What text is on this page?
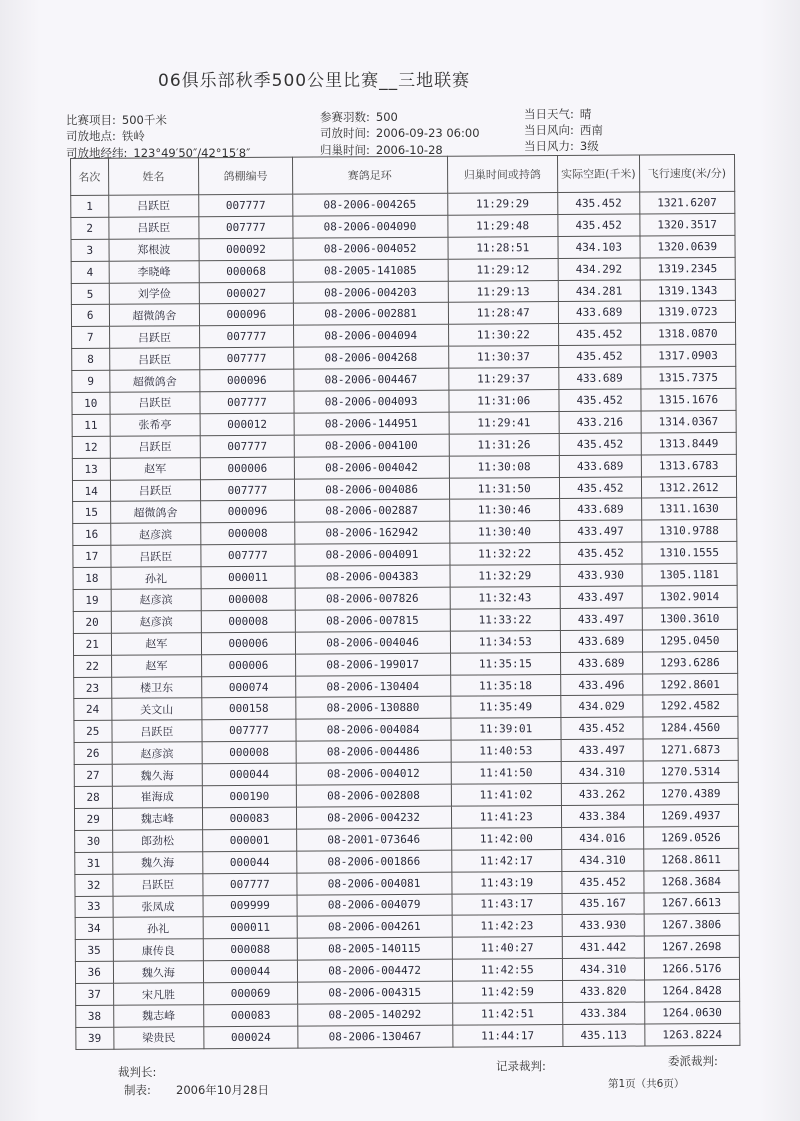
06俱乐部秋季500公里比赛__三地联赛
比赛项目: 500千米
司放地点: 铁岭
司放地经纬: 123°49′50″/42°15′8″
参赛羽数: 500
司放时间: 2006-09-23 06:00
归巢时间: 2006-10-28
当日天气: 晴
当日风向: 西南
当日风力: 3级
名次	姓名	鸽棚编号	赛鸽足环	归巢时间或持鸽	实际空距(千米)	飞行速度(米/分)
1	吕跃臣	007777	08-2006-004265	11:29:29	435.452	1321.6207
2	吕跃臣	007777	08-2006-004090	11:29:48	435.452	1320.3517
3	郑根波	000092	08-2006-004052	11:28:51	434.103	1320.0639
4	李晓峰	000068	08-2005-141085	11:29:12	434.292	1319.2345
5	刘学俭	000027	08-2006-004203	11:29:13	434.281	1319.1343
6	超微鸽舍	000096	08-2006-002881	11:28:47	433.689	1319.0723
7	吕跃臣	007777	08-2006-004094	11:30:22	435.452	1318.0870
8	吕跃臣	007777	08-2006-004268	11:30:37	435.452	1317.0903
9	超微鸽舍	000096	08-2006-004467	11:29:37	433.689	1315.7375
10	吕跃臣	007777	08-2006-004093	11:31:06	435.452	1315.1676
11	张希亭	000012	08-2006-144951	11:29:41	433.216	1314.0367
12	吕跃臣	007777	08-2006-004100	11:31:26	435.452	1313.8449
13	赵军	000006	08-2006-004042	11:30:08	433.689	1313.6783
14	吕跃臣	007777	08-2006-004086	11:31:50	435.452	1312.2612
15	超微鸽舍	000096	08-2006-002887	11:30:46	433.689	1311.1630
16	赵彦滨	000008	08-2006-162942	11:30:40	433.497	1310.9788
17	吕跃臣	007777	08-2006-004091	11:32:22	435.452	1310.1555
18	孙礼	000011	08-2006-004383	11:32:29	433.930	1305.1181
19	赵彦滨	000008	08-2006-007826	11:32:43	433.497	1302.9014
20	赵彦滨	000008	08-2006-007815	11:33:22	433.497	1300.3610
21	赵军	000006	08-2006-004046	11:34:53	433.689	1295.0450
22	赵军	000006	08-2006-199017	11:35:15	433.689	1293.6286
23	楼卫东	000074	08-2006-130404	11:35:18	433.496	1292.8601
24	关文山	000158	08-2006-130880	11:35:49	434.029	1292.4582
25	吕跃臣	007777	08-2006-004084	11:39:01	435.452	1284.4560
26	赵彦滨	000008	08-2006-004486	11:40:53	433.497	1271.6873
27	魏久海	000044	08-2006-004012	11:41:50	434.310	1270.5314
28	崔海成	000190	08-2006-002808	11:41:02	433.262	1270.4389
29	魏志峰	000083	08-2006-004232	11:41:23	433.384	1269.4937
30	郎劲松	000001	08-2001-073646	11:42:00	434.016	1269.0526
31	魏久海	000044	08-2006-001866	11:42:17	434.310	1268.8611
32	吕跃臣	007777	08-2006-004081	11:43:19	435.452	1268.3684
33	张凤成	009999	08-2006-004079	11:43:17	435.167	1267.6613
34	孙礼	000011	08-2006-004261	11:42:23	433.930	1267.3806
35	康传良	000088	08-2005-140115	11:40:27	431.442	1267.2698
36	魏久海	000044	08-2006-004472	11:42:55	434.310	1266.5176
37	宋凡胜	000069	08-2006-004315	11:42:59	433.820	1264.8428
38	魏志峰	000083	08-2005-140292	11:42:51	433.384	1264.0630
39	梁贵民	000024	08-2006-130467	11:44:17	435.113	1263.8224
裁判长:
制表: 2006年10月28日
记录裁判:	委派裁判:
第1页（共6页）
